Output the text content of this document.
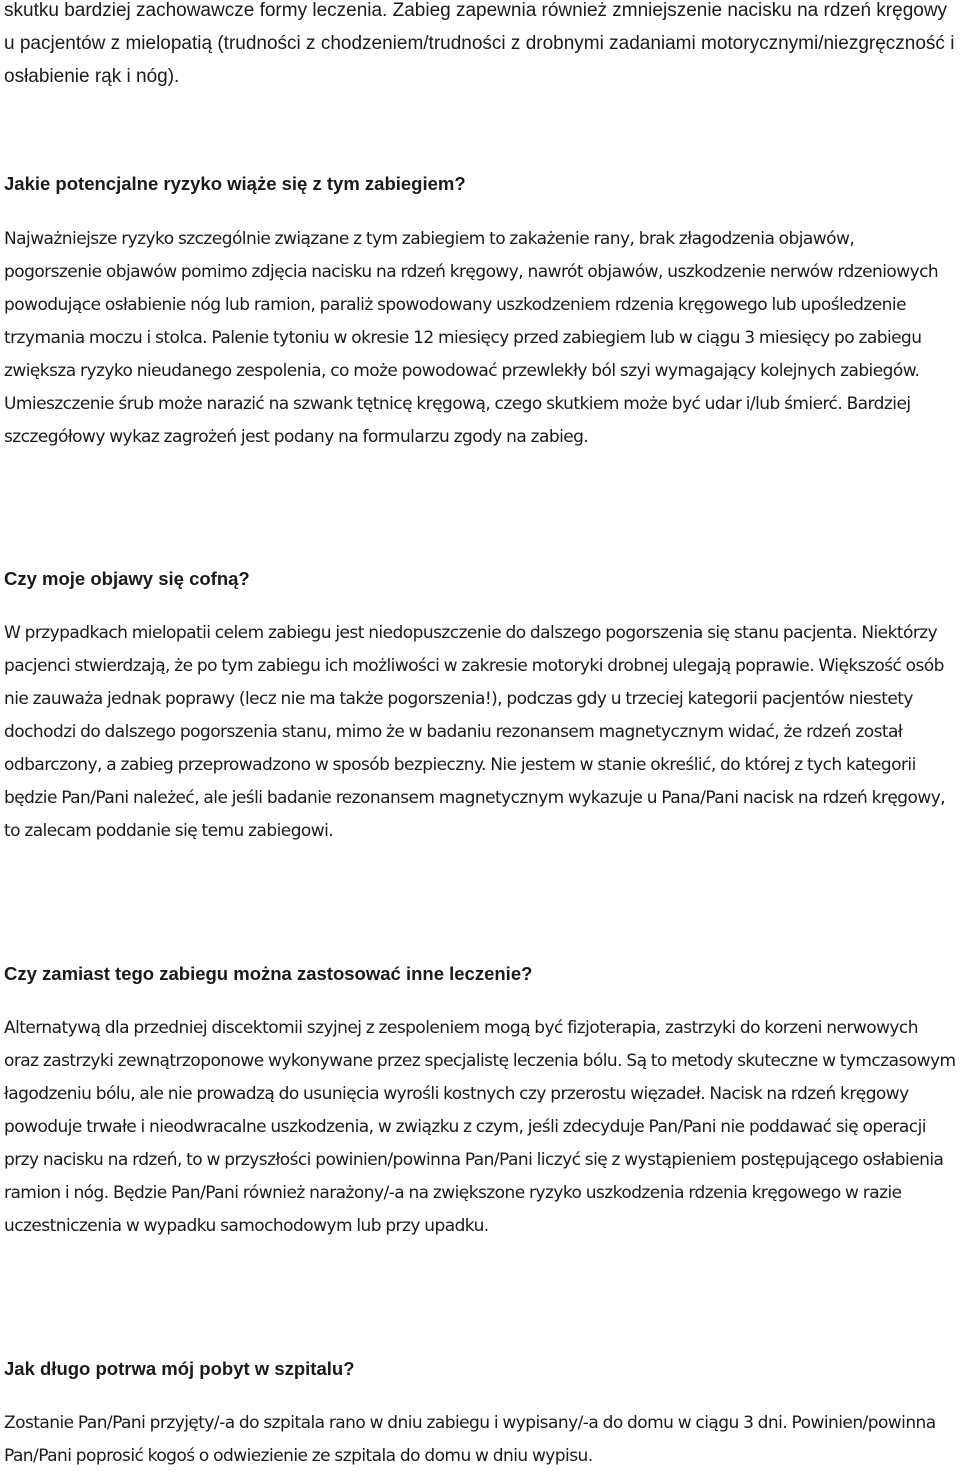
skutku bardziej zachowawcze formy leczenia. Zabieg zapewnia również zmniejszenie nacisku na rdzeń kręgowy u pacjentów z mielopatią (trudności z chodzeniem/trudności z drobnymi zadaniami motorycznymi/niezgręczność i osłabienie rąk i nóg).

Jakie potencjalne ryzyko wiąże się z tym zabiegiem?

Najważniejsze ryzyko szczególnie związane z tym zabiegiem to zakażenie rany, brak złagodzenia objawów, pogorszenie objawów pomimo zdjęcia nacisku na rdzeń kręgowy, nawrót objawów, uszkodzenie nerwów rdzeniowych powodujące osłabienie nóg lub ramion, paraliż spowodowany uszkodzeniem rdzenia kręgowego lub upośledzenie trzymania moczu i stolca. Palenie tytoniu w okresie 12 miesięcy przed zabiegiem lub w ciągu 3 miesięcy po zabiegu zwiększa ryzyko nieudanego zespolenia, co może powodować przewlekły ból szyi wymagający kolejnych zabiegów. Umieszczenie śrub może narazić na szwank tętnicę kręgową, czego skutkiem może być udar i/lub śmierć. Bardziej szczegółowy wykaz zagrożeń jest podany na formularzu zgody na zabieg.

Czy moje objawy się cofną?

W przypadkach mielopatii celem zabiegu jest niedopuszczenie do dalszego pogorszenia się stanu pacjenta. Niektórzy pacjenci stwierdzają, że po tym zabiegu ich możliwości w zakresie motoryki drobnej ulegają poprawie. Większość osób nie zauważa jednak poprawy (lecz nie ma także pogorszenia!), podczas gdy u trzeciej kategorii pacjentów niestety dochodzi do dalszego pogorszenia stanu, mimo że w badaniu rezonansem magnetycznym widać, że rdzeń został odbarczony, a zabieg przeprowadzono w sposób bezpieczny. Nie jestem w stanie określić, do której z tych kategorii będzie Pan/Pani należeć, ale jeśli badanie rezonansem magnetycznym wykazuje u Pana/Pani nacisk na rdzeń kręgowy, to zalecam poddanie się temu zabiegowi.

Czy zamiast tego zabiegu można zastosować inne leczenie?

Alternatywą dla przedniej discektomii szyjnej z zespoleniem mogą być fizjoterapia, zastrzyki do korzeni nerwowych oraz zastrzyki zewnątrzoponowe wykonywane przez specjalistę leczenia bólu. Są to metody skuteczne w tymczasowym łagodzeniu bólu, ale nie prowadzą do usunięcia wyrośli kostnych czy przerostu więzadeł. Nacisk na rdzeń kręgowy powoduje trwałe i nieodwracalne uszkodzenia, w związku z czym, jeśli zdecyduje Pan/Pani nie poddawać się operacji przy nacisku na rdzeń, to w przyszłości powinien/powinna Pan/Pani liczyć się z wystąpieniem postępującego osłabienia ramion i nóg. Będzie Pan/Pani również narażony/-a na zwiększone ryzyko uszkodzenia rdzenia kręgowego w razie uczestniczenia w wypadku samochodowym lub przy upadku.

Jak długo potrwa mój pobyt w szpitalu?

Zostanie Pan/Pani przyjęty/-a do szpitala rano w dniu zabiegu i wypisany/-a do domu w ciągu 3 dni. Powinien/powinna Pan/Pani poprosić kogoś o odwiezienie ze szpitala do domu w dniu wypisu.
